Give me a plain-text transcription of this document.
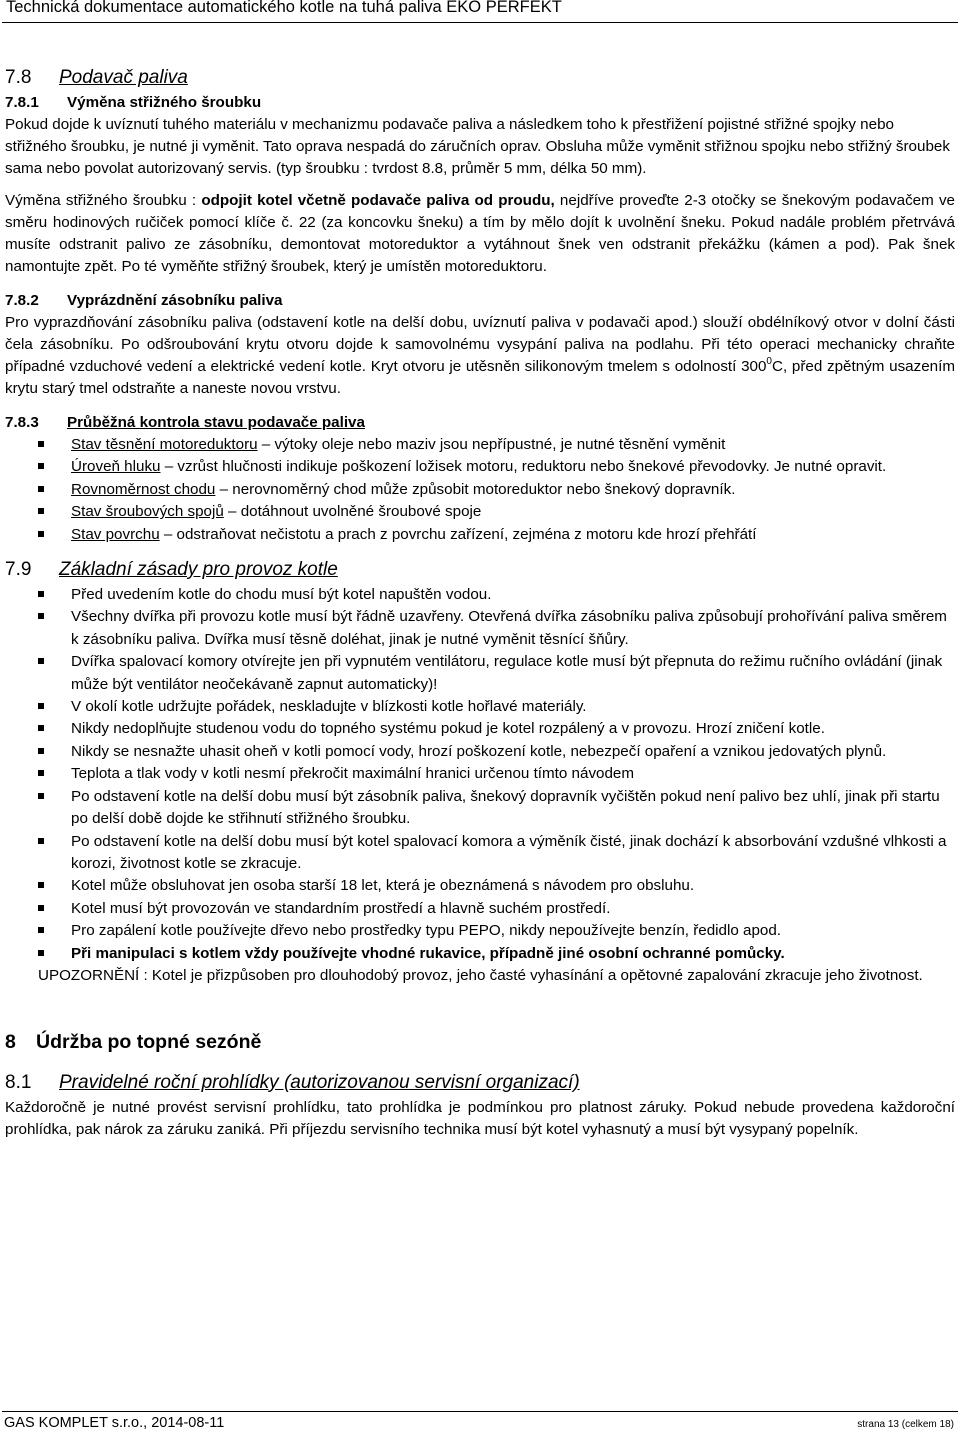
Technická dokumentace automatického kotle na tuhá paliva EKO PERFEKT
7.8 Podavač paliva
7.8.1 Výměna střižného šroubku

Pokud dojde k uvíznutí tuhého materiálu v mechanizmu podavače paliva a následkem toho k přestřižení pojistné střižné spojky nebo střižného šroubku, je nutné ji vyměnit. Tato oprava nespadá do záručních oprav. Obsluha může vyměnit střižnou spojku nebo střižný šroubek sama nebo povolat autorizovaný servis. (typ šroubku : tvrdost 8.8, průměr 5 mm, délka 50 mm).

Výměna střižného šroubku : odpojit kotel včetně podavače paliva od proudu, nejdříve proveďte 2-3 otočky se šnekovým podavačem ve směru hodinových ručiček pomocí klíče č. 22 (za koncovku šneku) a tím by mělo dojít k uvolnění šneku. Pokud nadále problém přetrvává musíte odstranit palivo ze zásobníku, demontovat motoreduktor a vytáhnout šnek ven odstranit překážku (kámen a pod). Pak šnek namontujte zpět. Po té vyměňte střižný šroubek, který je umístěn motoreduktoru.

7.8.2 Vyprázdnění zásobníku paliva

Pro vyprazdňování zásobníku paliva (odstavení kotle na delší dobu, uvíznutí paliva v podavači apod.) slouží obdélníkový otvor v dolní části čela zásobníku. Po odšroubování krytu otvoru dojde k samovolnému vysypání paliva na podlahu. Při této operaci mechanicky chraňte případné vzduchové vedení a elektrické vedení kotle. Kryt otvoru je utěsněn silikonovým tmelem s odolností $300^0C$, před zpětným usazením krytu starý tmel odstraňte a naneste novou vrstvu.

7.8.3 Průběžná kontrola stavu podavače paliva
Stav těsnění motoreduktoru – výtoky oleje nebo maziv jsou nepřípustné, je nutné těsnění vyměnit
Úroveň hluku – vzrůst hlučnosti indikuje poškození ložisek motoru, reduktoru nebo šnekové převodovky. Je nutné opravit.
Rovnoměrnost chodu – nerovnoměrný chod může způsobit motoreduktor nebo šnekový dopravník.
Stav šroubových spojů – dotáhnout uvolněné šroubové spoje
Stav povrchu – odstraňovat nečistotu a prach z povrchu zařízení, zejména z motoru kde hrozí přehřátí
7.9 Základní zásady pro provoz kotle
Před uvedením kotle do chodu musí být kotel napuštěn vodou.
Všechny dvířka při provozu kotle musí být řádně uzavřeny. Otevřená dvířka zásobníku paliva způsobují prohořívání paliva směrem k zásobníku paliva. Dvířka musí těsně doléhat, jinak je nutné vyměnit těsnící šňůry.
Dvířka spalovací komory otvírejte jen při vypnutém ventilátoru, regulace kotle musí být přepnuta do režimu ručního ovládání (jinak může být ventilátor neočekávaně zapnut automaticky)!
V okolí kotle udržujte pořádek, neskladujte v blízkosti kotle hořlavé materiály.
Nikdy nedoplňujte studenou vodu do topného systému pokud je kotel rozpálený a v provozu. Hrozí zničení kotle.
Nikdy se nesnažte uhasit oheň v kotli pomocí vody, hrozí poškození kotle, nebezpečí opaření a vznikou jedovatých plynů.
Teplota a tlak vody v kotli nesmí překročit maximální hranici určenou tímto návodem
Po odstavení kotle na delší dobu musí být zásobník paliva, šnekový dopravník vyčištěn pokud není palivo bez uhlí, jinak při startu po delší době dojde ke střihnutí střižného šroubku.
Po odstavení kotle na delší dobu musí být kotel spalovací komora a výměník čisté, jinak dochází k absorbování vzdušné vlhkosti a korozi, životnost kotle se zkracuje.
Kotel může obsluhovat jen osoba starší 18 let, která je obeznámená s návodem pro obsluhu.
Kotel musí být provozován ve standardním prostředí a hlavně suchém prostředí.
Pro zapálení kotle používejte dřevo nebo prostředky typu PEPO, nikdy nepoužívejte benzín, ředidlo apod.
Při manipulaci s kotlem vždy používejte vhodné rukavice, případně jiné osobní ochranné pomůcky.

UPOZORNĚNÍ : Kotel je přizpůsoben pro dlouhodobý provoz, jeho časté vyhasínání a opětovné zapalování zkracuje jeho životnost.

8 Údržba po topné sezóně
8.1 Pravidelné roční prohlídky (autorizovanou servisní organizací)

Každoročně je nutné provést servisní prohlídku, tato prohlídka je podmínkou pro platnost záruky. Pokud nebude provedena každoroční prohlídka, pak nárok za záruku zaniká. Při příjezdu servisního technika musí být kotel vyhasnutý a musí být vysypaný popelník.

GAS KOMPLET s.r.o., 2014-08-11	strana 13 (celkem 18)
